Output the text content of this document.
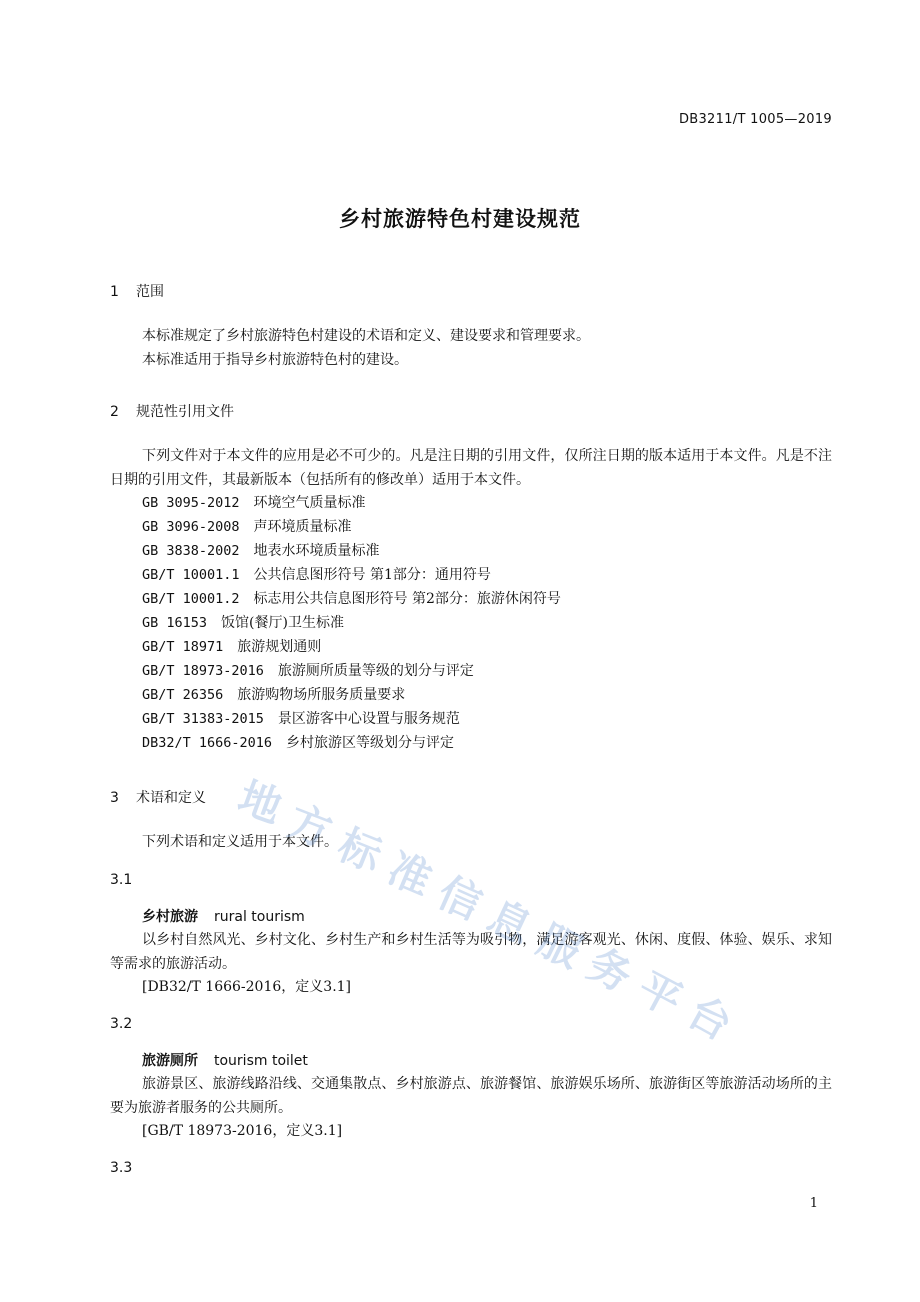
DB3211/T 1005—2019
乡村旅游特色村建设规范
1 范围
本标准规定了乡村旅游特色村建设的术语和定义、建设要求和管理要求。
本标准适用于指导乡村旅游特色村的建设。
2 规范性引用文件
下列文件对于本文件的应用是必不可少的。凡是注日期的引用文件，仅所注日期的版本适用于本文件。凡是不注日期的引用文件，其最新版本（包括所有的修改单）适用于本文件。
GB 3095-2012 环境空气质量标准
GB 3096-2008 声环境质量标准
GB 3838-2002 地表水环境质量标准
GB/T 10001.1 公共信息图形符号 第1部分：通用符号
GB/T 10001.2 标志用公共信息图形符号 第2部分：旅游休闲符号
GB 16153 饭馆(餐厅)卫生标准
GB/T 18971 旅游规划通则
GB/T 18973-2016 旅游厕所质量等级的划分与评定
GB/T 26356 旅游购物场所服务质量要求
GB/T 31383-2015 景区游客中心设置与服务规范
DB32/T 1666-2016 乡村旅游区等级划分与评定
3 术语和定义
下列术语和定义适用于本文件。
3.1
乡村旅游 rural tourism
以乡村自然风光、乡村文化、乡村生产和乡村生活等为吸引物，满足游客观光、休闲、度假、体验、娱乐、求知等需求的旅游活动。
[DB32/T 1666-2016，定义3.1]
3.2
旅游厕所 tourism toilet
旅游景区、旅游线路沿线、交通集散点、乡村旅游点、旅游餐馆、旅游娱乐场所、旅游街区等旅游活动场所的主要为旅游者服务的公共厕所。
[GB/T 18973-2016，定义3.1]
3.3
地
方
标
准
信
息
服
务
平
台
1
